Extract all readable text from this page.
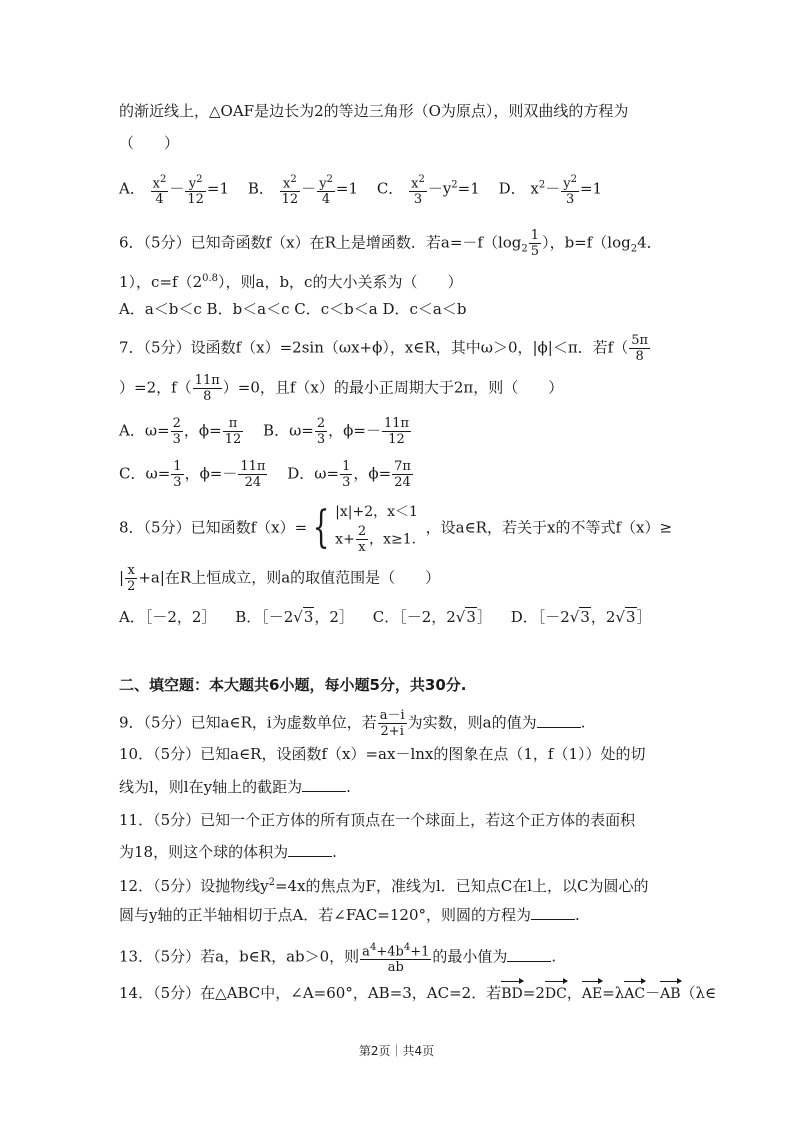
的渐近线上，△OAF是边长为2的等边三角形（O为原点），则双曲线的方程为
（　　）
A． $\frac{x^2}{4} - \frac{y^2}{12} =1$ B． $\frac{x^2}{12} - \frac{y^2}{4} =1$ C． $\frac{x^2}{3} -y^2=1$ D． $x^2- \frac{y^2}{3} =1$
6．（5分）已知奇函数f（x）在R上是增函数．若$a=-f(\log_2 \frac{1}{5}$ ），$b=f(\log_24$．
1），$c=f(2^{0.8})$，则a，b，c的大小关系为（　　）
A．a＜b＜c B．b＜a＜c C．c＜b＜a D．c＜a＜b
7．（5分）设函数f（x）=2sin（ωx+ϕ），x∈R，其中ω＞0，|ϕ|＜π．若$f( \frac{5\pi}{8}$
）=2，$f( \frac{11\pi}{8} )=0$，且f（x）的最小正周期大于2π，则（　　）
A．$\omega= \frac{2}{3}$ ，$\phi= \frac{\pi}{12}$ B．$\omega= \frac{2}{3}$ ，$\phi=- \frac{11\pi}{12}$
C．$\omega= \frac{1}{3}$ ，$\phi=- \frac{11\pi}{24}$ D．$\omega= \frac{1}{3}$ ，$\phi= \frac{7\pi}{24}$
8．（5分）已知函数f（x）= { |x|+2，x＜1
$x+ \frac{2}{x}$ ，x≥1．
，设a∈R，若关于x的不等式f（x）≥
| $\frac{x}{2} +a|$在R上恒成立，则a的取值范围是（　　）
A．［－2，2］ B．［－2√3，2］ C．［－2，2√3］ D．［－2√3，2√3］
二、填空题：本大题共6小题，每小题5分，共30分.
9．（5分）已知a∈R，i为虚数单位，若 $\frac{a-i}{2+i}$ 为实数，则a的值为	.
10．（5分）已知a∈R，设函数f（x）=ax－lnx的图象在点（1，f（1））处的切
线为l，则l在y轴上的截距为	.
11．（5分）已知一个正方体的所有顶点在一个球面上，若这个正方体的表面积
为18，则这个球的体积为	.
12．（5分）设抛物线$y^2=4x$的焦点为F，准线为l．已知点C在l上，以C为圆心的
圆与y轴的正半轴相切于点A．若∠FAC=120°，则圆的方程为	.
13．（5分）若a，b∈R，ab＞0，则 $\frac{a^4+4b^4+1}{ab}$ 的最小值为	.
14．（5分）在△ABC中，∠A=60°，AB=3，AC=2．若BD=2DC，AE=λAC－AB（λ∈
第2页｜共4页
